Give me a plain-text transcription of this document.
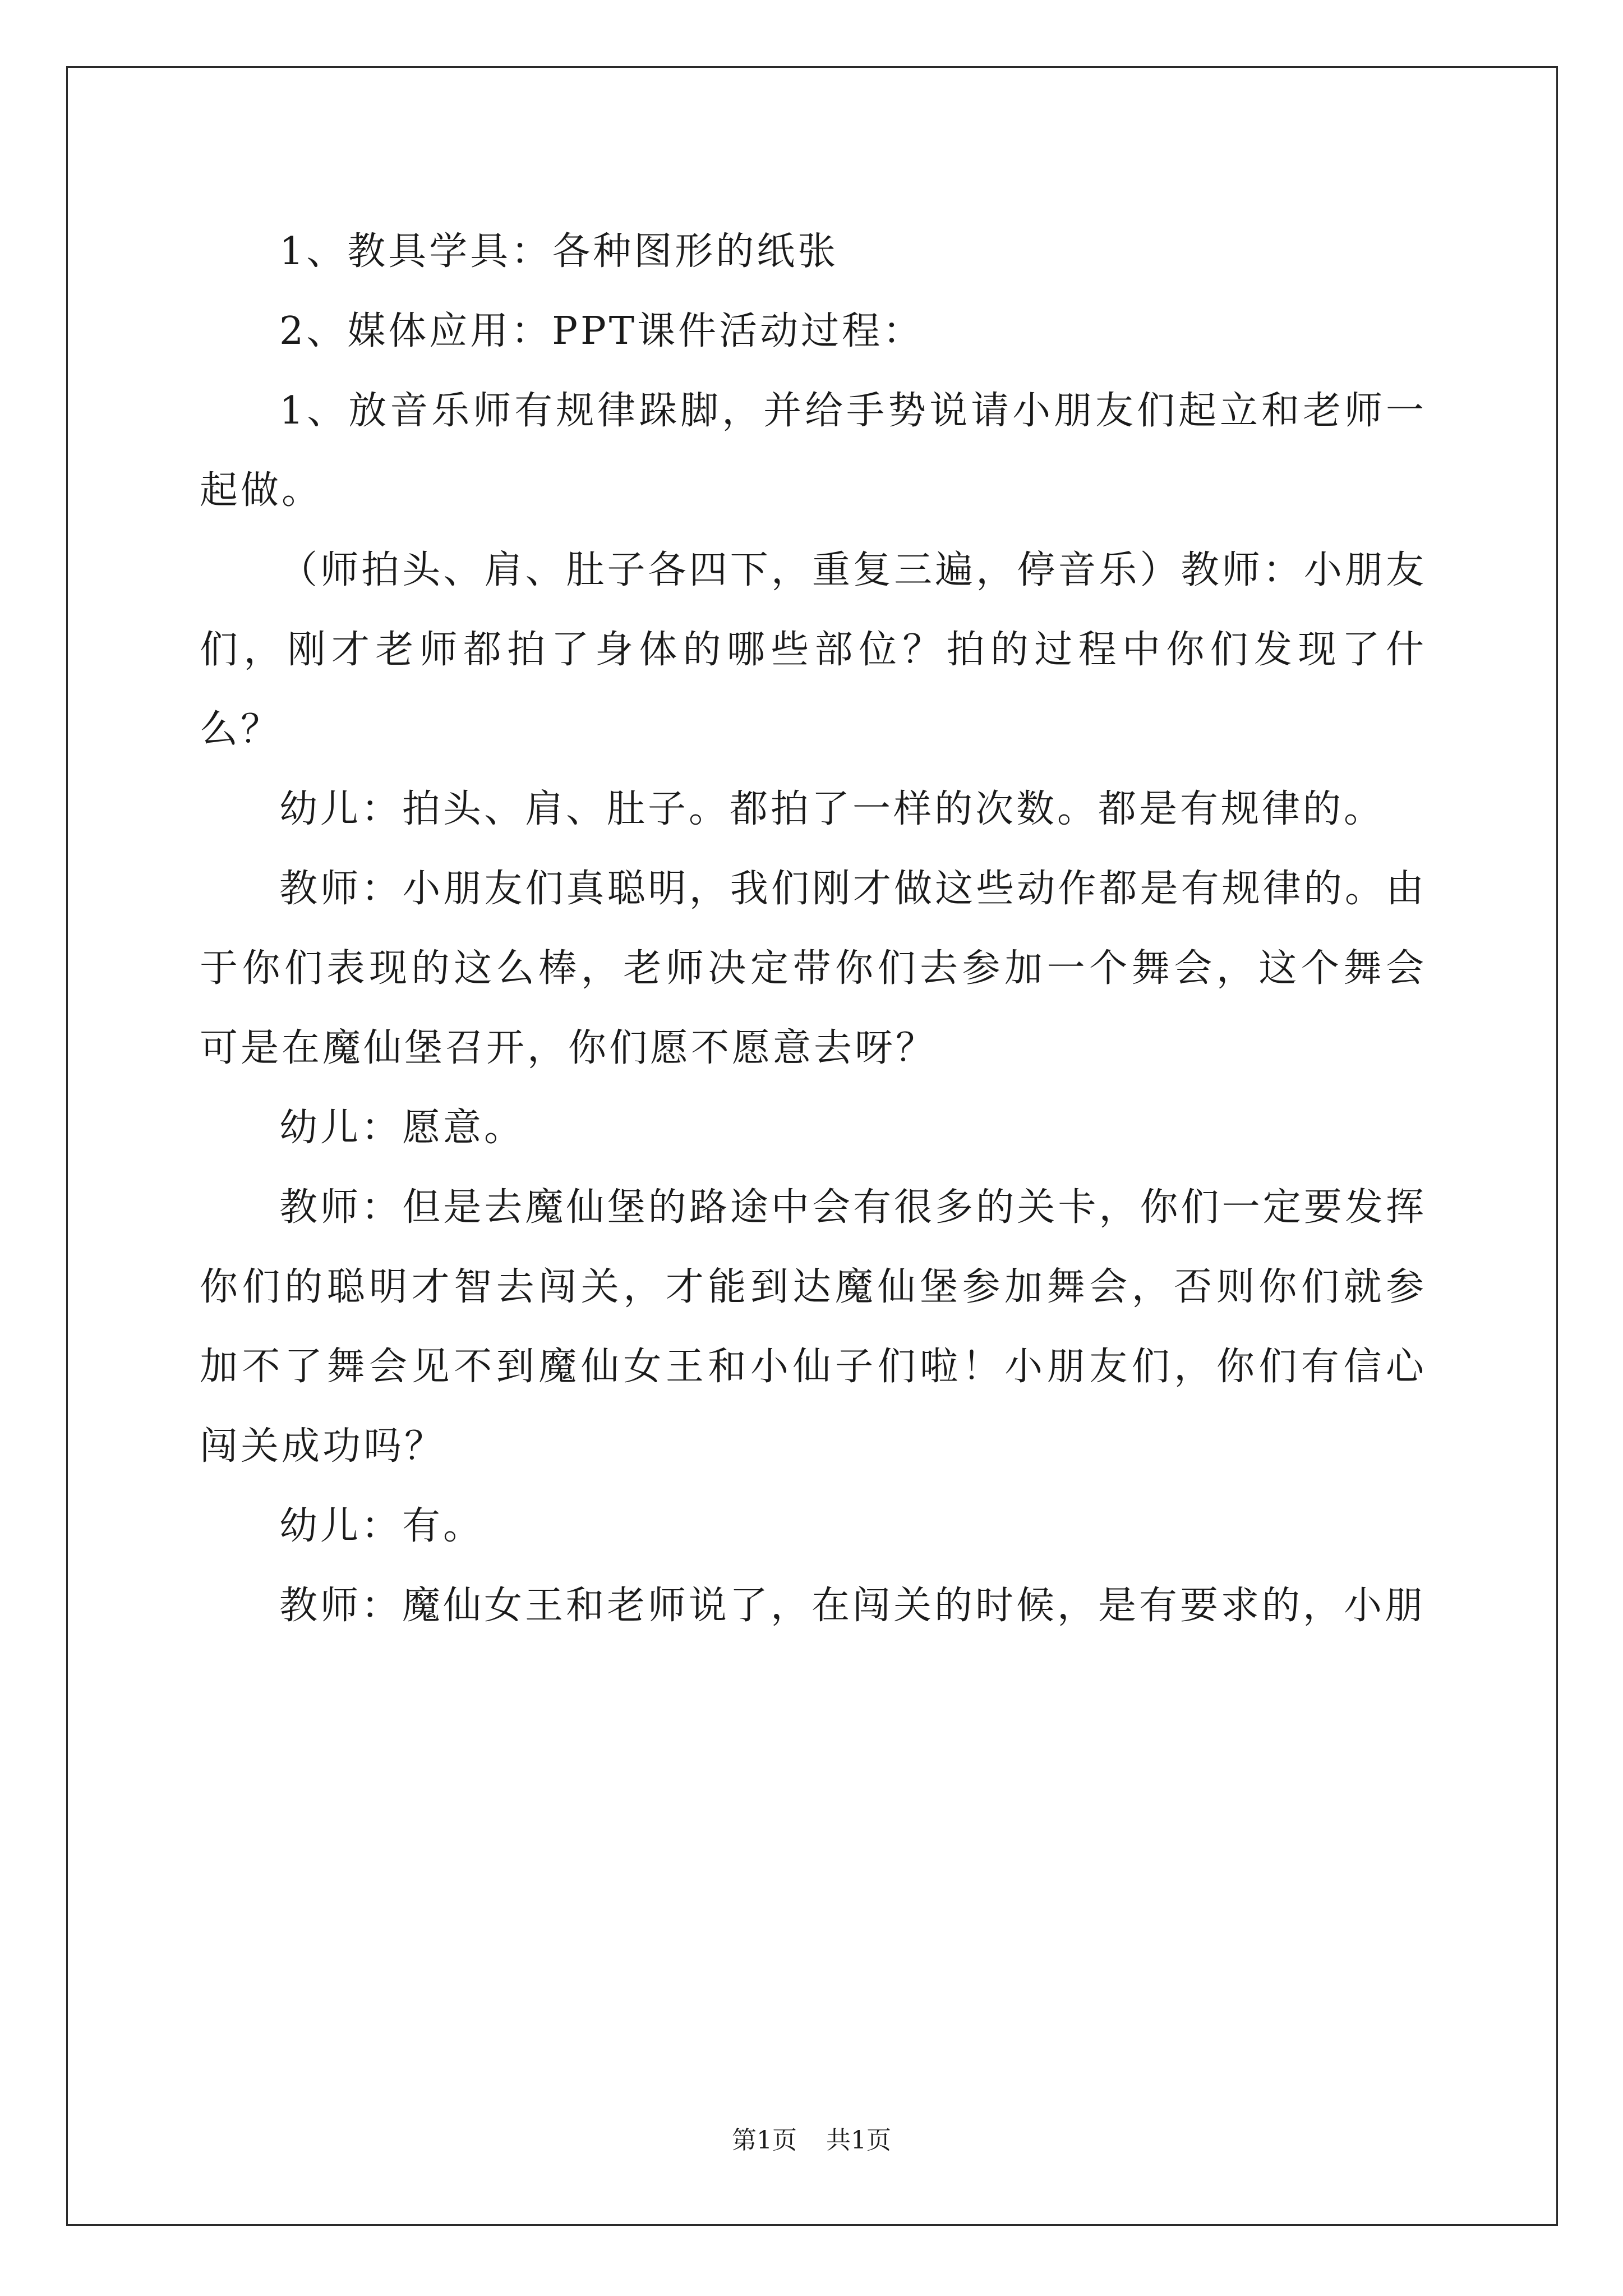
1、教具学具：各种图形的纸张

2、媒体应用：PPT课件活动过程：

1、放音乐师有规律跺脚，并给手势说请小朋友们起立和老师一起做。

（师拍头、肩、肚子各四下，重复三遍，停音乐）教师：小朋友们，刚才老师都拍了身体的哪些部位？拍的过程中你们发现了什么？

幼儿：拍头、肩、肚子。都拍了一样的次数。都是有规律的。

教师：小朋友们真聪明，我们刚才做这些动作都是有规律的。由于你们表现的这么棒，老师决定带你们去参加一个舞会，这个舞会可是在魔仙堡召开，你们愿不愿意去呀？

幼儿：愿意。

教师：但是去魔仙堡的路途中会有很多的关卡，你们一定要发挥你们的聪明才智去闯关，才能到达魔仙堡参加舞会，否则你们就参加不了舞会见不到魔仙女王和小仙子们啦！小朋友们，你们有信心闯关成功吗？

幼儿：有。

教师：魔仙女王和老师说了，在闯关的时候，是有要求的，小朋

第1页 共1页
